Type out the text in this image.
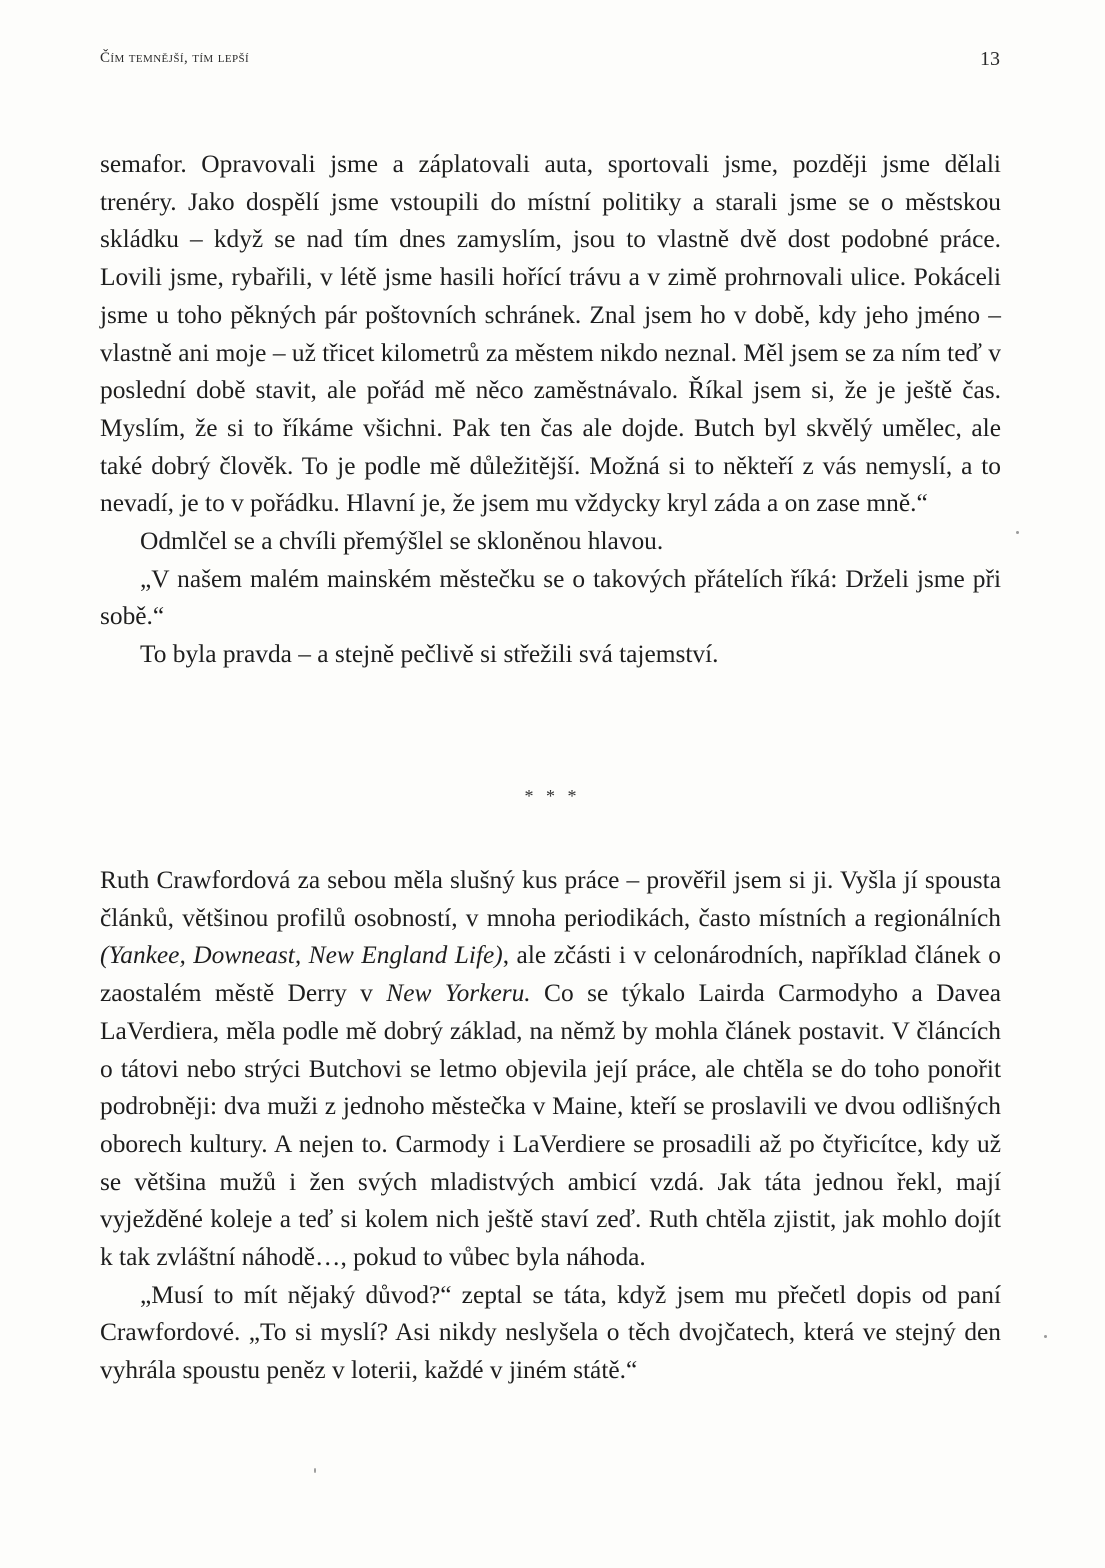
Čím temnější, tím lepší	13

semafor. Opravovali jsme a záplatovali auta, sportovali jsme, později jsme dělali trenéry. Jako dospělí jsme vstoupili do místní politiky a starali jsme se o městskou skládku – když se nad tím dnes zamyslím, jsou to vlastně dvě dost podobné práce. Lovili jsme, rybařili, v létě jsme hasili hořící trávu a v zimě prohrnovali ulice. Pokáceli jsme u toho pěkných pár poštovních schránek. Znal jsem ho v době, kdy jeho jméno – vlastně ani moje – už třicet kilometrů za městem nikdo neznal. Měl jsem se za ním teď v poslední době stavit, ale pořád mě něco zaměstnávalo. Říkal jsem si, že je ještě čas. Myslím, že si to říkáme všichni. Pak ten čas ale dojde. Butch byl skvělý umělec, ale také dobrý člověk. To je podle mě důležitější. Možná si to někteří z vás nemyslí, a to nevadí, je to v pořádku. Hlavní je, že jsem mu vždycky kryl záda a on zase mně.“

Odmlčel se a chvíli přemýšlel se skloněnou hlavou.

„V našem malém mainském městečku se o takových přátelích říká: Drželi jsme při sobě.“

To byla pravda – a stejně pečlivě si střežili svá tajemství.

* * *

Ruth Crawfordová za sebou měla slušný kus práce – prověřil jsem si ji. Vyšla jí spousta článků, většinou profilů osobností, v mnoha periodikách, často místních a regionálních (Yankee, Downeast, New England Life), ale zčásti i v celonárodních, například článek o zaostalém městě Derry v New Yorkeru. Co se týkalo Lairda Carmodyho a Davea LaVerdiera, měla podle mě dobrý základ, na němž by mohla článek postavit. V článcích o tátovi nebo strýci Butchovi se letmo objevila její práce, ale chtěla se do toho ponořit podrobněji: dva muži z jednoho městečka v Maine, kteří se proslavili ve dvou odlišných oborech kultury. A nejen to. Carmody i LaVerdiere se prosadili až po čtyřicítce, kdy už se většina mužů i žen svých mladistvých ambicí vzdá. Jak táta jednou řekl, mají vyježděné koleje a teď si kolem nich ještě staví zeď. Ruth chtěla zjistit, jak mohlo dojít k tak zvláštní náhodě…, pokud to vůbec byla náhoda.

„Musí to mít nějaký důvod?“ zeptal se táta, když jsem mu přečetl dopis od paní Crawfordové. „To si myslí? Asi nikdy neslyšela o těch dvojčatech, která ve stejný den vyhrála spoustu peněz v loterii, každé v jiném státě.“
